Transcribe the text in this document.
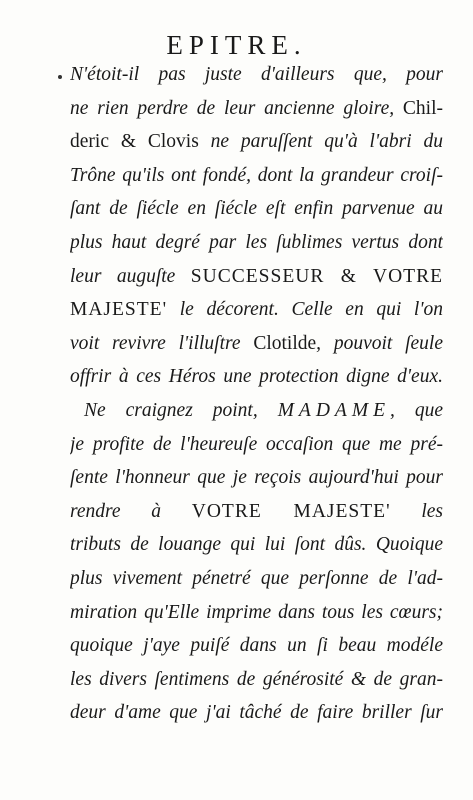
EPITRE.
N'étoit-il pas juste d'ailleurs que, pour
ne rien perdre de leur ancienne gloire, Chil-
deric & Clovis ne paruſſent qu'à l'abri du
Trône qu'ils ont fondé, dont la grandeur croiſ-
ſant de ſiécle en ſiécle eſt enfin parvenue au
plus haut degré par les ſublimes vertus dont
leur auguſte SUCCESSEUR & VOTRE
MAJESTE' le décorent. Celle en qui l'on
voit revivre l'illuſtre Clotilde, pouvoit ſeule
offrir à ces Héros une protection digne d'eux.
Ne craignez point, MADAME, que
je profite de l'heureuſe occaſion que me pré-
ſente l'honneur que je reçois aujourd'hui pour
rendre à VOTRE MAJESTE' les
tributs de louange qui lui ſont dûs. Quoique
plus vivement pénetré que perſonne de l'ad-
miration qu'Elle imprime dans tous les cœurs;
quoique j'aye puiſé dans un ſi beau modéle
les divers ſentimens de générosité & de gran-
deur d'ame que j'ai tâché de faire briller ſur
